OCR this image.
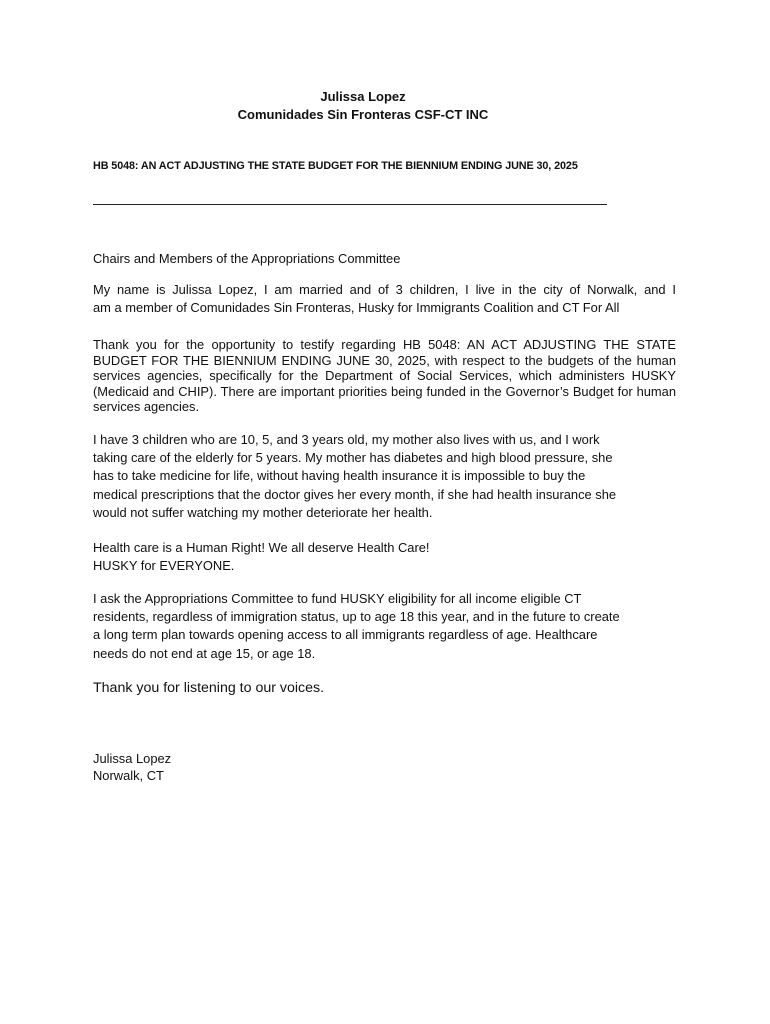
Julissa Lopez
Comunidades Sin Fronteras CSF-CT INC
HB 5048: AN ACT ADJUSTING THE STATE BUDGET FOR THE BIENNIUM ENDING JUNE 30, 2025

Chairs and Members of the Appropriations Committee

My name is Julissa Lopez, I am married and of 3 children, I live in the city of Norwalk, and I
am a member of Comunidades Sin Fronteras, Husky for Immigrants Coalition and CT For All

Thank you for the opportunity to testify regarding HB 5048: AN ACT ADJUSTING THE STATE BUDGET FOR THE BIENNIUM ENDING JUNE 30, 2025, with respect to the budgets of the human services agencies, specifically for the Department of Social Services, which administers HUSKY (Medicaid and CHIP). There are important priorities being funded in the Governor’s Budget for human services agencies.

I have 3 children who are 10, 5, and 3 years old, my mother also lives with us, and I work
taking care of the elderly for 5 years. My mother has diabetes and high blood pressure, she
has to take medicine for life, without having health insurance it is impossible to buy the
medical prescriptions that the doctor gives her every month, if she had health insurance she
would not suffer watching my mother deteriorate her health.

Health care is a Human Right! We all deserve Health Care!
HUSKY for EVERYONE.

I ask the Appropriations Committee to fund HUSKY eligibility for all income eligible CT
residents, regardless of immigration status, up to age 18 this year, and in the future to create
a long term plan towards opening access to all immigrants regardless of age. Healthcare
needs do not end at age 15, or age 18.

Thank you for listening to our voices.
Julissa Lopez
Norwalk, CT
